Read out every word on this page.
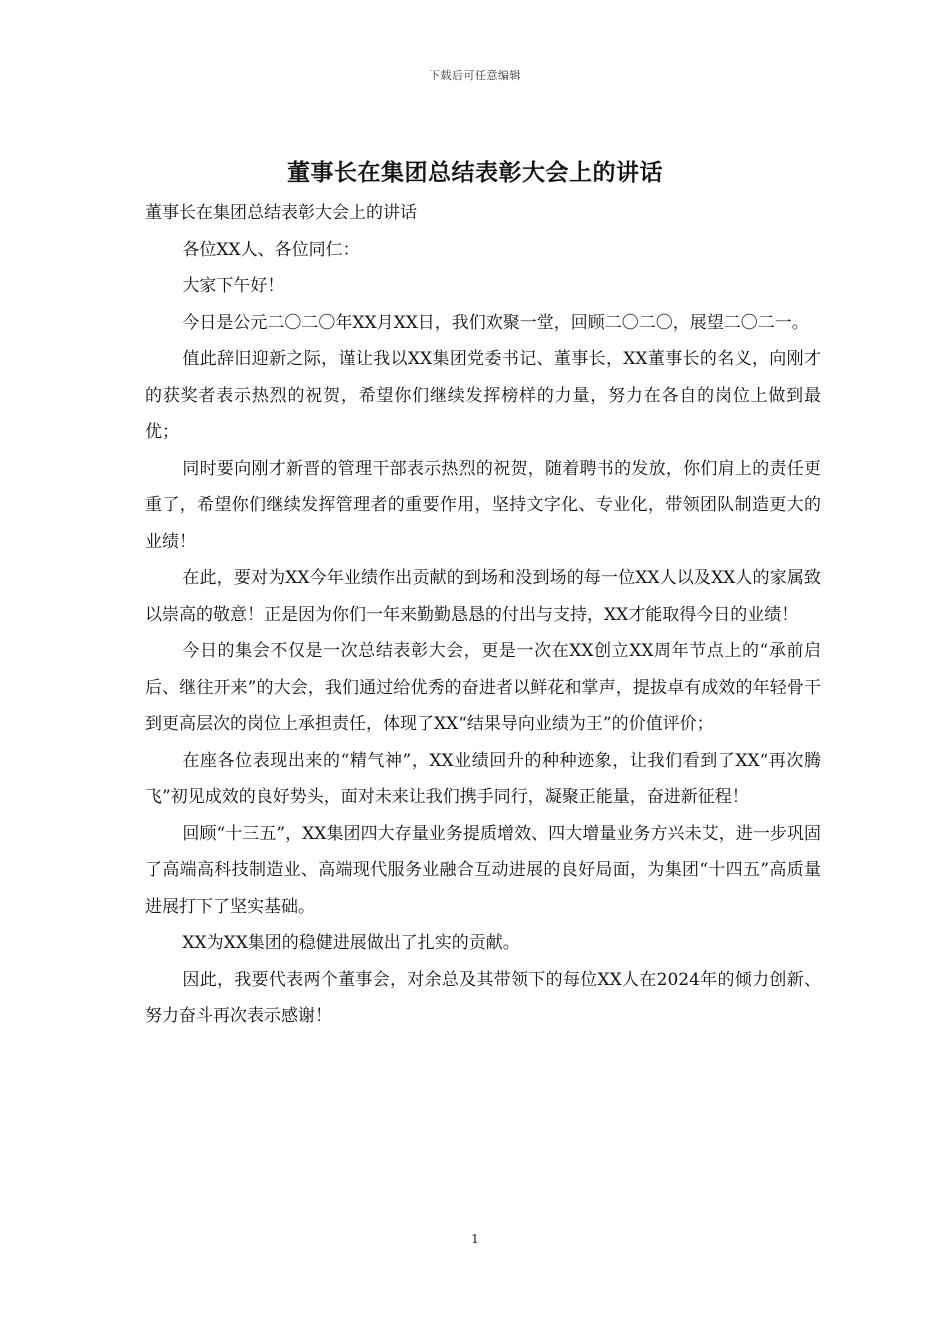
下载后可任意编辑
董事长在集团总结表彰大会上的讲话

董事长在集团总结表彰大会上的讲话

各位XX人、各位同仁：

大家下午好！

今日是公元二〇二〇年XX月XX日，我们欢聚一堂，回顾二〇二〇，展望二〇二一。

值此辞旧迎新之际，谨让我以XX集团党委书记、董事长，XX董事长的名义，向刚才的获奖者表示热烈的祝贺，希望你们继续发挥榜样的力量，努力在各自的岗位上做到最优；

同时要向刚才新晋的管理干部表示热烈的祝贺，随着聘书的发放，你们肩上的责任更重了，希望你们继续发挥管理者的重要作用，坚持文字化、专业化，带领团队制造更大的业绩！

在此，要对为XX今年业绩作出贡献的到场和没到场的每一位XX人以及XX人的家属致以崇高的敬意！正是因为你们一年来勤勤恳恳的付出与支持，XX才能取得今日的业绩！

今日的集会不仅是一次总结表彰大会，更是一次在XX创立XX周年节点上的“承前启后、继往开来”的大会，我们通过给优秀的奋进者以鲜花和掌声，提拔卓有成效的年轻骨干到更高层次的岗位上承担责任，体现了XX“结果导向业绩为王”的价值评价；

在座各位表现出来的“精气神”，XX业绩回升的种种迹象，让我们看到了XX“再次腾飞”初见成效的良好势头，面对未来让我们携手同行，凝聚正能量，奋进新征程！

回顾“十三五”，XX集团四大存量业务提质增效、四大增量业务方兴未艾，进一步巩固了高端高科技制造业、高端现代服务业融合互动进展的良好局面，为集团“十四五”高质量进展打下了坚实基础。

XX为XX集团的稳健进展做出了扎实的贡献。

因此，我要代表两个董事会，对余总及其带领下的每位XX人在2024年的倾力创新、努力奋斗再次表示感谢！

1
